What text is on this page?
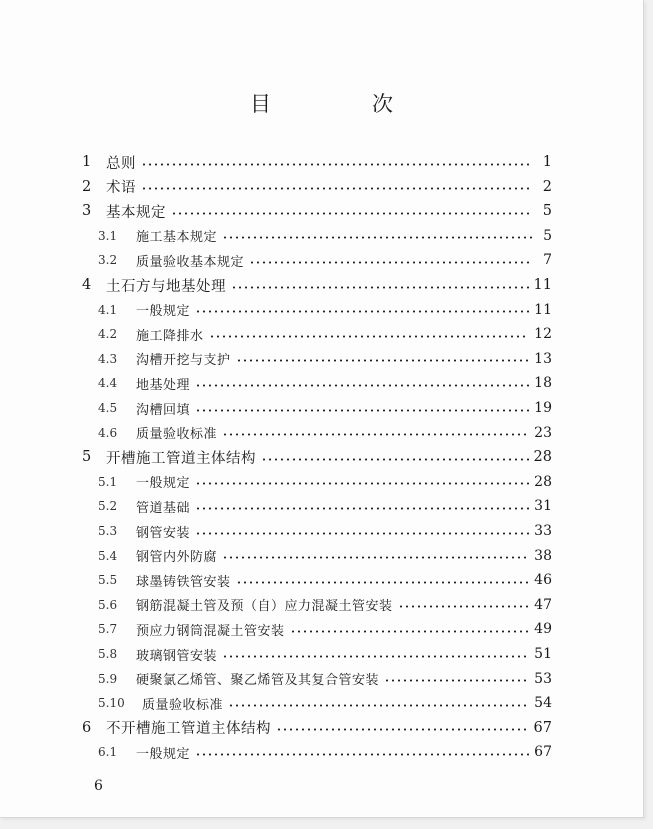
目　次
1	总则	1
2	术语	2
3	基本规定	5
3.1	施工基本规定	5
3.2	质量验收基本规定	7
4	土石方与地基处理	11
4.1	一般规定	11
4.2	施工降排水	12
4.3	沟槽开挖与支护	13
4.4	地基处理	18
4.5	沟槽回填	19
4.6	质量验收标准	23
5	开槽施工管道主体结构	28
5.1	一般规定	28
5.2	管道基础	31
5.3	钢管安装	33
5.4	钢管内外防腐	38
5.5	球墨铸铁管安装	46
5.6	钢筋混凝土管及预（自）应力混凝土管安装	47
5.7	预应力钢筒混凝土管安装	49
5.8	玻璃钢管安装	51
5.9	硬聚氯乙烯管、聚乙烯管及其复合管安装	53
5.10	质量验收标准	54
6	不开槽施工管道主体结构	67
6.1	一般规定	67
6
